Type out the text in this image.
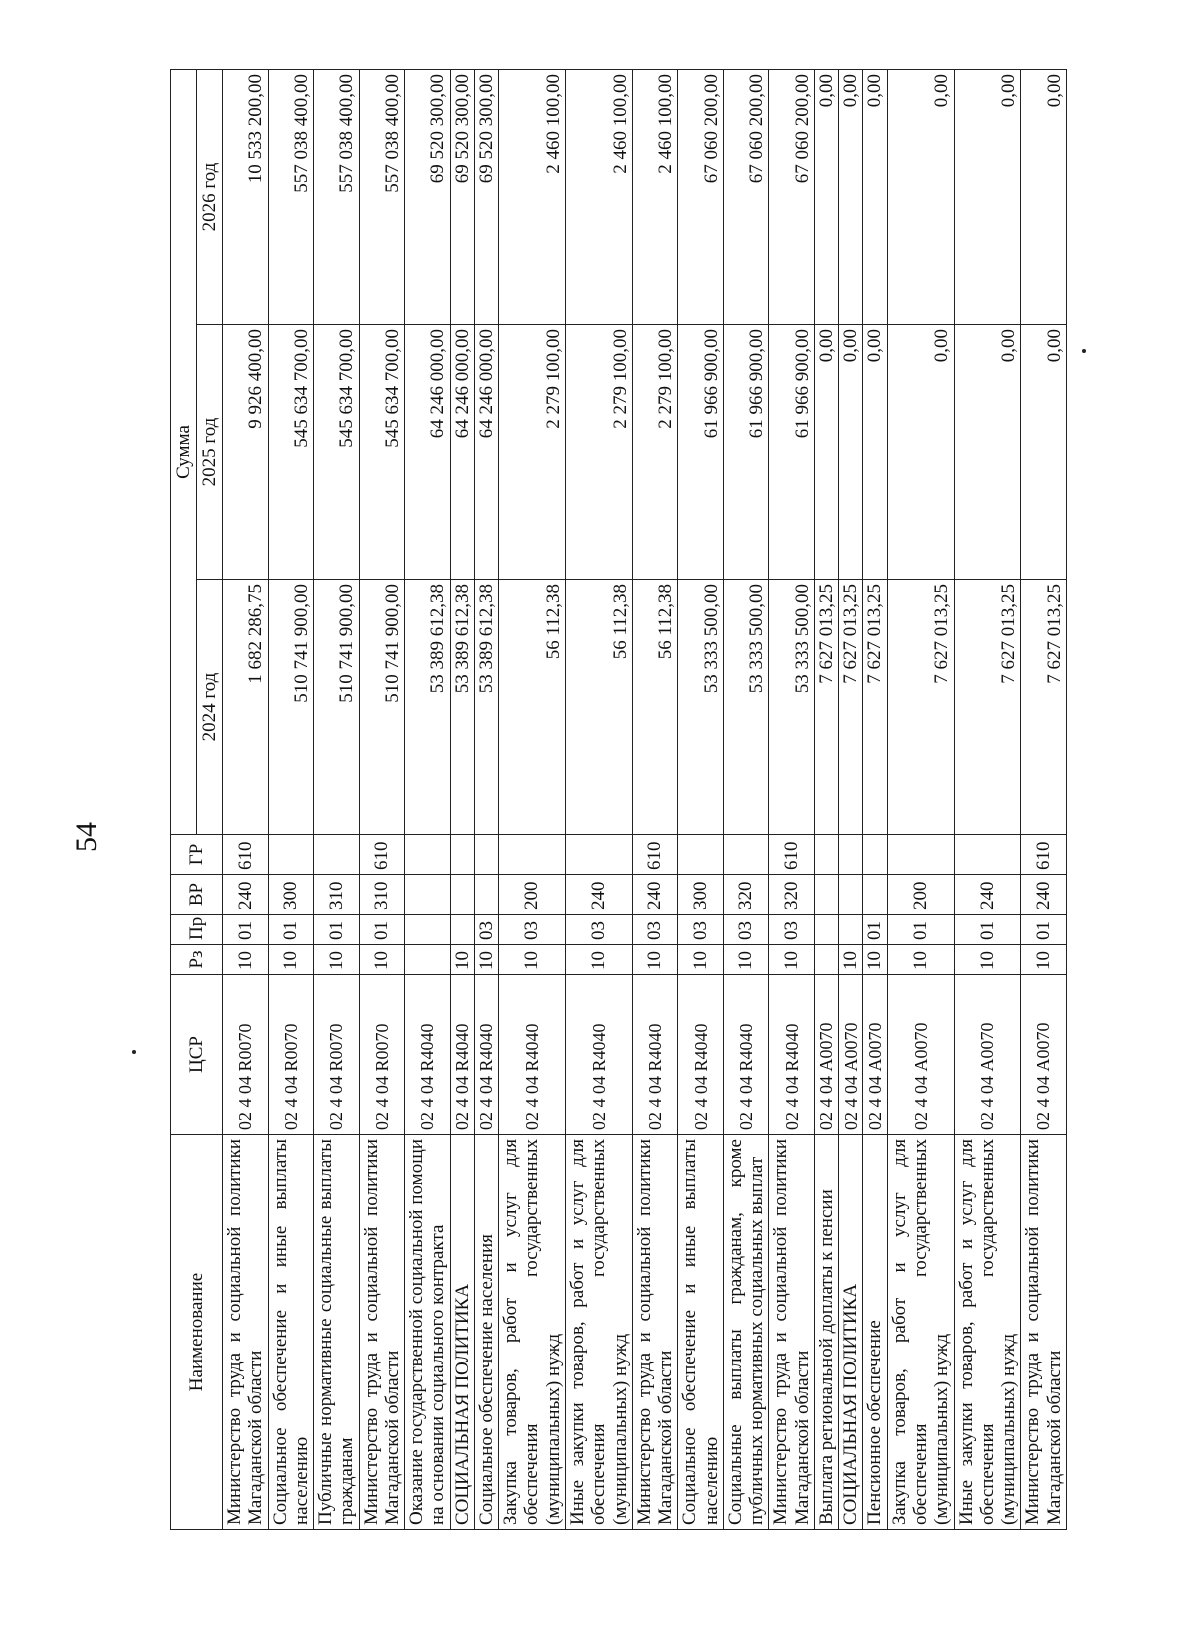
54
Наименование	ЦСР	Рз	Пр	ВР	ГР	Сумма		
						2024 год	2025 год	2026 год
Министерство труда и социальной политики Магаданской области	02 4 04 R0070	10	01	240	610	1 682 286,75	9 926 400,00	10 533 200,00
Социальное обеспечение и иные выплаты населению	02 4 04 R0070	10	01	300		510 741 900,00	545 634 700,00	557 038 400,00
Публичные нормативные социальные выплаты гражданам	02 4 04 R0070	10	01	310		510 741 900,00	545 634 700,00	557 038 400,00
Министерство труда и социальной политики Магаданской области	02 4 04 R0070	10	01	310	610	510 741 900,00	545 634 700,00	557 038 400,00
Оказание государственной социальной помощи на основании социального контракта	02 4 04 R4040					53 389 612,38	64 246 000,00	69 520 300,00
СОЦИАЛЬНАЯ ПОЛИТИКА	02 4 04 R4040	10				53 389 612,38	64 246 000,00	69 520 300,00
Социальное обеспечение населения	02 4 04 R4040	10	03			53 389 612,38	64 246 000,00	69 520 300,00
Закупка товаров, работ и услуг для обеспечения государственных (муниципальных) нужд	02 4 04 R4040	10	03	200		56 112,38	2 279 100,00	2 460 100,00
Иные закупки товаров, работ и услуг для обеспечения государственных (муниципальных) нужд	02 4 04 R4040	10	03	240		56 112,38	2 279 100,00	2 460 100,00
Министерство труда и социальной политики Магаданской области	02 4 04 R4040	10	03	240	610	56 112,38	2 279 100,00	2 460 100,00
Социальное обеспечение и иные выплаты населению	02 4 04 R4040	10	03	300		53 333 500,00	61 966 900,00	67 060 200,00
Социальные выплаты гражданам, кроме публичных нормативных социальных выплат	02 4 04 R4040	10	03	320		53 333 500,00	61 966 900,00	67 060 200,00
Министерство труда и социальной политики Магаданской области	02 4 04 R4040	10	03	320	610	53 333 500,00	61 966 900,00	67 060 200,00
Выплата региональной доплаты к пенсии	02 4 04 А0070					7 627 013,25	0,00	0,00
СОЦИАЛЬНАЯ ПОЛИТИКА	02 4 04 А0070	10				7 627 013,25	0,00	0,00
Пенсионное обеспечение	02 4 04 А0070	10	01			7 627 013,25	0,00	0,00
Закупка товаров, работ и услуг для обеспечения государственных (муниципальных) нужд	02 4 04 А0070	10	01	200		7 627 013,25	0,00	0,00
Иные закупки товаров, работ и услуг для обеспечения государственных (муниципальных) нужд	02 4 04 А0070	10	01	240		7 627 013,25	0,00	0,00
Министерство труда и социальной политики Магаданской области	02 4 04 А0070	10	01	240	610	7 627 013,25	0,00	0,00
